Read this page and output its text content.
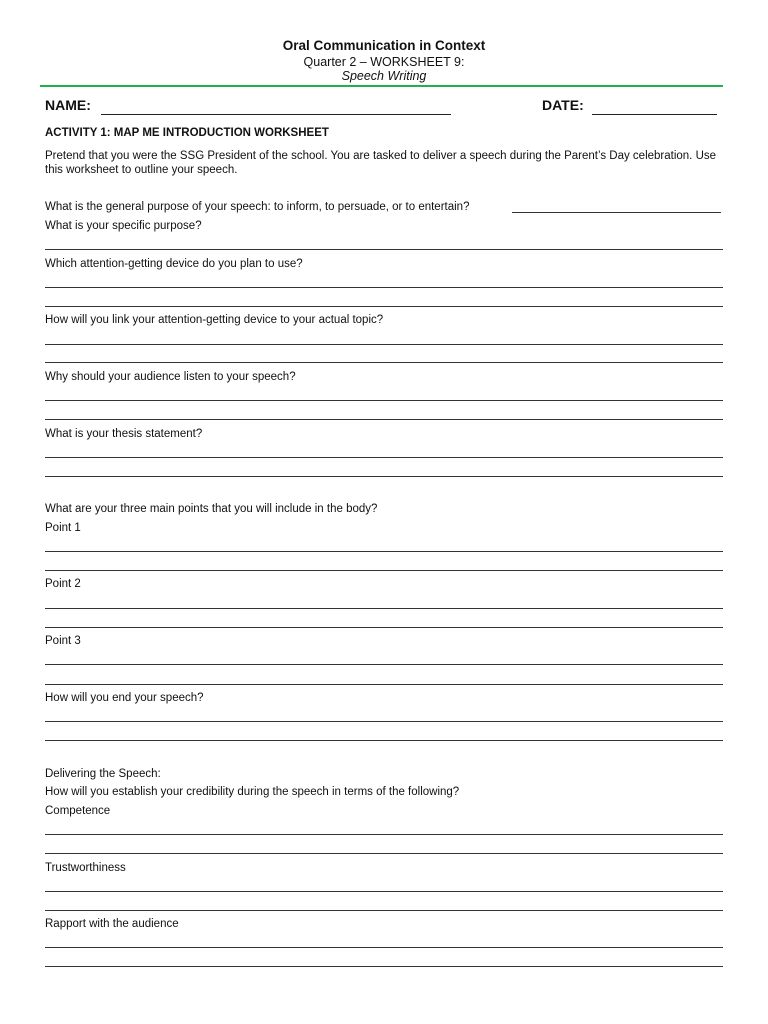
Oral Communication in Context
Quarter 2 – WORKSHEET 9:
Speech Writing
NAME:	DATE:
ACTIVITY 1: MAP ME INTRODUCTION WORKSHEET
Pretend that you were the SSG President of the school. You are tasked to deliver a speech during the Parent’s Day celebration. Use this worksheet to outline your speech.
What is the general purpose of your speech: to inform, to persuade, or to entertain?
What is your specific purpose?
Which attention-getting device do you plan to use?
How will you link your attention-getting device to your actual topic?
Why should your audience listen to your speech?
What is your thesis statement?
What are your three main points that you will include in the body?
Point 1
Point 2
Point 3
How will you end your speech?
Delivering the Speech:
How will you establish your credibility during the speech in terms of the following?
Competence
Trustworthiness
Rapport with the audience
